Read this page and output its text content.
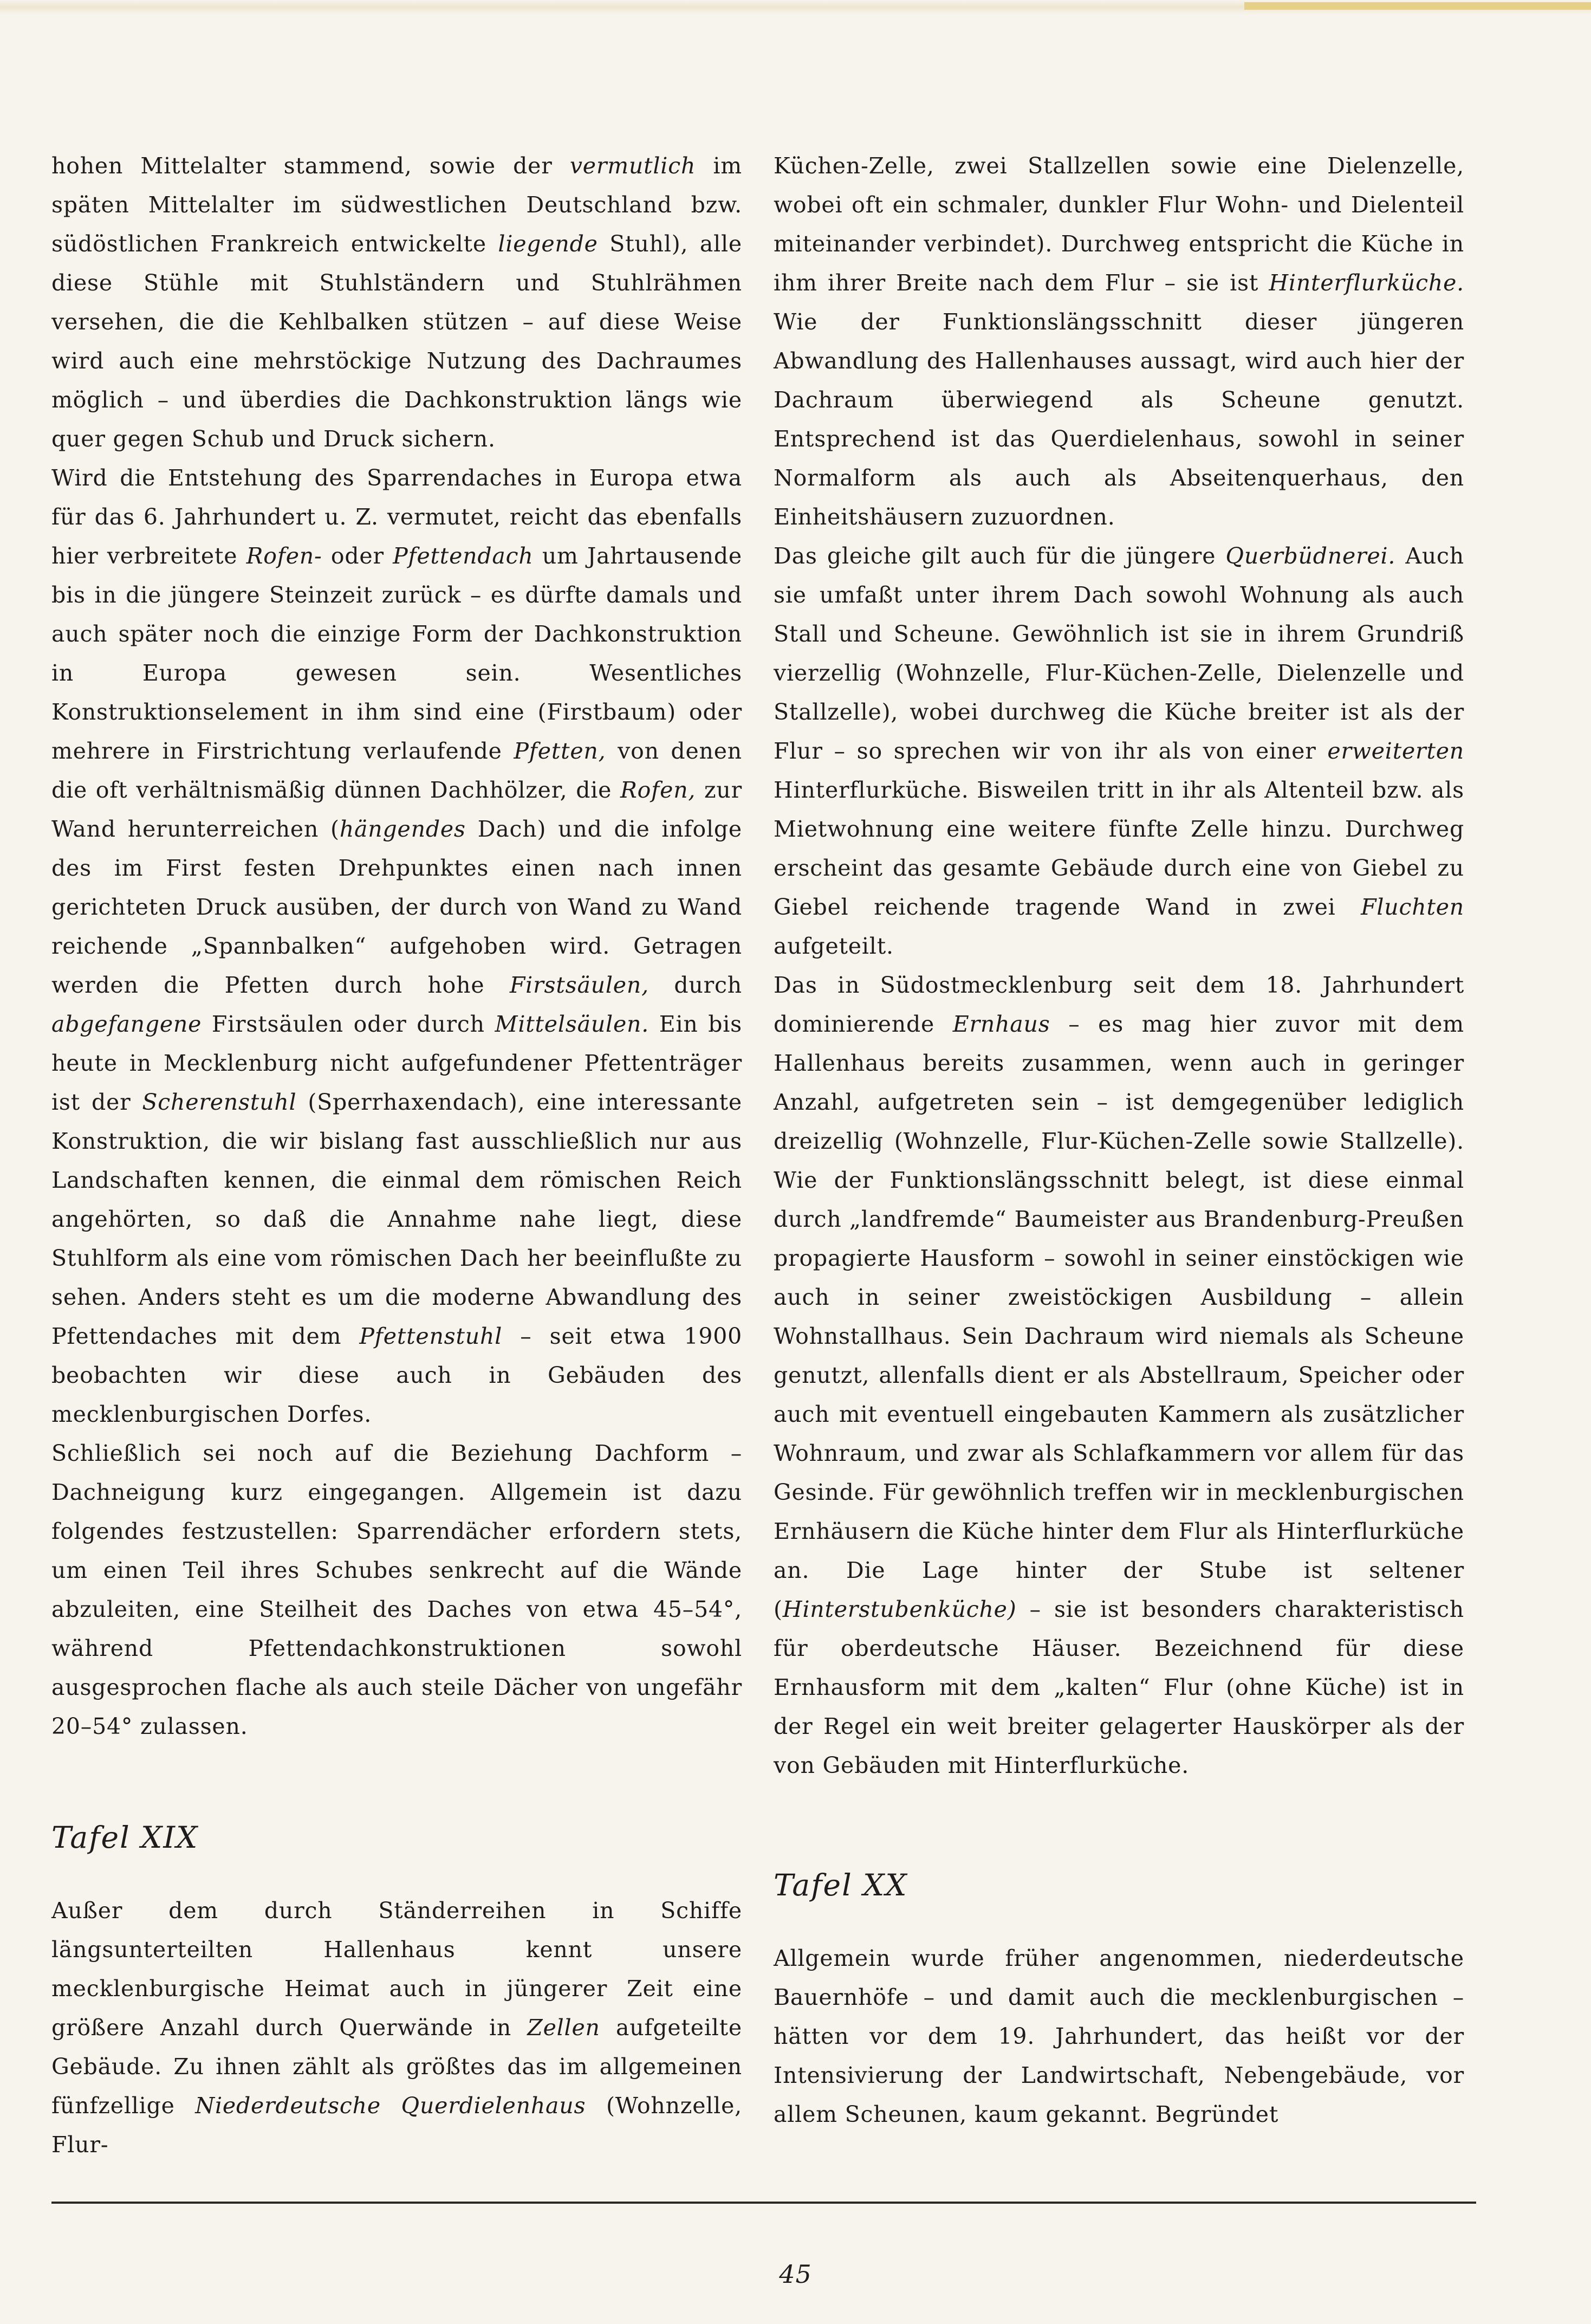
hohen Mittelalter stammend, sowie der vermutlich im späten Mittelalter im südwestlichen Deutschland bzw. südöstlichen Frankreich entwickelte liegende Stuhl), alle diese Stühle mit Stuhlständern und Stuhlrähmen versehen, die die Kehlbalken stützen – auf diese Weise wird auch eine mehrstöckige Nutzung des Dachraumes möglich – und überdies die Dachkonstruktion längs wie quer gegen Schub und Druck sichern.

Wird die Entstehung des Sparrendaches in Europa etwa für das 6. Jahrhundert u. Z. vermutet, reicht das ebenfalls hier verbreitete Rofen- oder Pfettendach um Jahrtausende bis in die jüngere Steinzeit zurück – es dürfte damals und auch später noch die einzige Form der Dachkonstruktion in Europa gewesen sein. Wesentliches Konstruktionselement in ihm sind eine (Firstbaum) oder mehrere in Firstrichtung verlaufende Pfetten, von denen die oft verhältnismäßig dünnen Dachhölzer, die Rofen, zur Wand herunterreichen (hängendes Dach) und die infolge des im First festen Drehpunktes einen nach innen gerichteten Druck ausüben, der durch von Wand zu Wand reichende „Spannbalken“ aufgehoben wird. Getragen werden die Pfetten durch hohe Firstsäulen, durch abgefangene Firstsäulen oder durch Mittelsäulen. Ein bis heute in Mecklenburg nicht aufgefundener Pfettenträger ist der Scherenstuhl (Sperrhaxendach), eine interessante Konstruktion, die wir bislang fast ausschließlich nur aus Landschaften kennen, die einmal dem römischen Reich angehörten, so daß die Annahme nahe liegt, diese Stuhlform als eine vom römischen Dach her beeinflußte zu sehen. Anders steht es um die moderne Abwandlung des Pfettendaches mit dem Pfettenstuhl – seit etwa 1900 beobachten wir diese auch in Gebäuden des mecklenburgischen Dorfes.

Schließlich sei noch auf die Beziehung Dachform – Dachneigung kurz eingegangen. Allgemein ist dazu folgendes festzustellen: Sparrendächer erfordern stets, um einen Teil ihres Schubes senkrecht auf die Wände abzuleiten, eine Steilheit des Daches von etwa 45–54°, während Pfettendachkonstruktionen sowohl ausgesprochen flache als auch steile Dächer von ungefähr 20–54° zulassen.

Tafel XIX

Außer dem durch Ständerreihen in Schiffe längsunterteilten Hallenhaus kennt unsere mecklenburgische Heimat auch in jüngerer Zeit eine größere Anzahl durch Querwände in Zellen aufgeteilte Gebäude. Zu ihnen zählt als größtes das im allgemeinen fünfzellige Niederdeutsche Querdielenhaus (Wohnzelle, Flur-

Küchen-Zelle, zwei Stallzellen sowie eine Dielenzelle, wobei oft ein schmaler, dunkler Flur Wohn- und Dielenteil miteinander verbindet). Durchweg entspricht die Küche in ihm ihrer Breite nach dem Flur – sie ist Hinterflurküche. Wie der Funktionslängsschnitt dieser jüngeren Abwandlung des Hallenhauses aussagt, wird auch hier der Dachraum überwiegend als Scheune genutzt. Entsprechend ist das Querdielenhaus, sowohl in seiner Normalform als auch als Abseitenquerhaus, den Einheitshäusern zuzuordnen.

Das gleiche gilt auch für die jüngere Querbüdnerei. Auch sie umfaßt unter ihrem Dach sowohl Wohnung als auch Stall und Scheune. Gewöhnlich ist sie in ihrem Grundriß vierzellig (Wohnzelle, Flur-Küchen-Zelle, Dielenzelle und Stallzelle), wobei durchweg die Küche breiter ist als der Flur – so sprechen wir von ihr als von einer erweiterten Hinterflurküche. Bisweilen tritt in ihr als Altenteil bzw. als Mietwohnung eine weitere fünfte Zelle hinzu. Durchweg erscheint das gesamte Gebäude durch eine von Giebel zu Giebel reichende tragende Wand in zwei Fluchten aufgeteilt.

Das in Südostmecklenburg seit dem 18. Jahrhundert dominierende Ernhaus – es mag hier zuvor mit dem Hallenhaus bereits zusammen, wenn auch in geringer Anzahl, aufgetreten sein – ist demgegenüber lediglich dreizellig (Wohnzelle, Flur-Küchen-Zelle sowie Stallzelle). Wie der Funktionslängsschnitt belegt, ist diese einmal durch „landfremde“ Baumeister aus Brandenburg-Preußen propagierte Hausform – sowohl in seiner einstöckigen wie auch in seiner zweistöckigen Ausbildung – allein Wohnstallhaus. Sein Dachraum wird niemals als Scheune genutzt, allenfalls dient er als Abstellraum, Speicher oder auch mit eventuell eingebauten Kammern als zusätzlicher Wohnraum, und zwar als Schlafkammern vor allem für das Gesinde. Für gewöhnlich treffen wir in mecklenburgischen Ernhäusern die Küche hinter dem Flur als Hinterflurküche an. Die Lage hinter der Stube ist seltener (Hinterstubenküche) – sie ist besonders charakteristisch für oberdeutsche Häuser. Bezeichnend für diese Ernhausform mit dem „kalten“ Flur (ohne Küche) ist in der Regel ein weit breiter gelagerter Hauskörper als der von Gebäuden mit Hinterflurküche.

Tafel XX

Allgemein wurde früher angenommen, niederdeutsche Bauernhöfe – und damit auch die mecklenburgischen – hätten vor dem 19. Jahrhundert, das heißt vor der Intensivierung der Landwirtschaft, Nebengebäude, vor allem Scheunen, kaum gekannt. Begründet

45
